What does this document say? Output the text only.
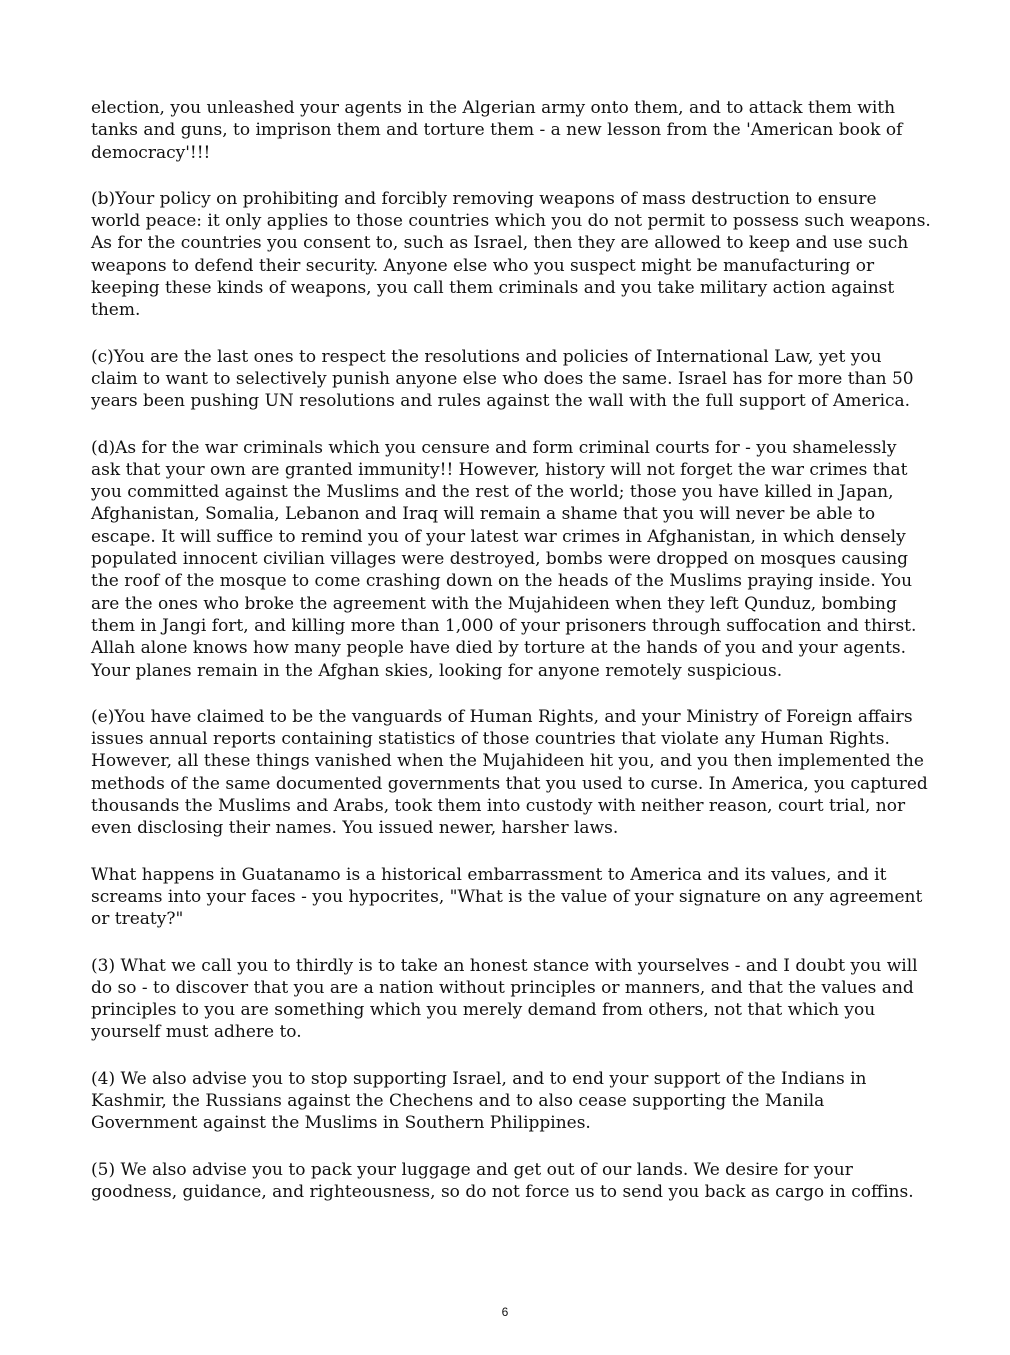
election, you unleashed your agents in the Algerian army onto them, and to attack them with
tanks and guns, to imprison them and torture them - a new lesson from the 'American book of
democracy'!!!

(b)Your policy on prohibiting and forcibly removing weapons of mass destruction to ensure
world peace: it only applies to those countries which you do not permit to possess such weapons.
As for the countries you consent to, such as Israel, then they are allowed to keep and use such
weapons to defend their security. Anyone else who you suspect might be manufacturing or
keeping these kinds of weapons, you call them criminals and you take military action against
them.

(c)You are the last ones to respect the resolutions and policies of International Law, yet you
claim to want to selectively punish anyone else who does the same. Israel has for more than 50
years been pushing UN resolutions and rules against the wall with the full support of America.

(d)As for the war criminals which you censure and form criminal courts for - you shamelessly
ask that your own are granted immunity!! However, history will not forget the war crimes that
you committed against the Muslims and the rest of the world; those you have killed in Japan,
Afghanistan, Somalia, Lebanon and Iraq will remain a shame that you will never be able to
escape. It will suffice to remind you of your latest war crimes in Afghanistan, in which densely
populated innocent civilian villages were destroyed, bombs were dropped on mosques causing
the roof of the mosque to come crashing down on the heads of the Muslims praying inside. You
are the ones who broke the agreement with the Mujahideen when they left Qunduz, bombing
them in Jangi fort, and killing more than 1,000 of your prisoners through suffocation and thirst.
Allah alone knows how many people have died by torture at the hands of you and your agents.
Your planes remain in the Afghan skies, looking for anyone remotely suspicious.

(e)You have claimed to be the vanguards of Human Rights, and your Ministry of Foreign affairs
issues annual reports containing statistics of those countries that violate any Human Rights.
However, all these things vanished when the Mujahideen hit you, and you then implemented the
methods of the same documented governments that you used to curse. In America, you captured
thousands the Muslims and Arabs, took them into custody with neither reason, court trial, nor
even disclosing their names. You issued newer, harsher laws.

What happens in Guatanamo is a historical embarrassment to America and its values, and it
screams into your faces - you hypocrites, "What is the value of your signature on any agreement
or treaty?"

(3) What we call you to thirdly is to take an honest stance with yourselves - and I doubt you will
do so - to discover that you are a nation without principles or manners, and that the values and
principles to you are something which you merely demand from others, not that which you
yourself must adhere to.

(4) We also advise you to stop supporting Israel, and to end your support of the Indians in
Kashmir, the Russians against the Chechens and to also cease supporting the Manila
Government against the Muslims in Southern Philippines.

(5) We also advise you to pack your luggage and get out of our lands. We desire for your
goodness, guidance, and righteousness, so do not force us to send you back as cargo in coffins.

6
